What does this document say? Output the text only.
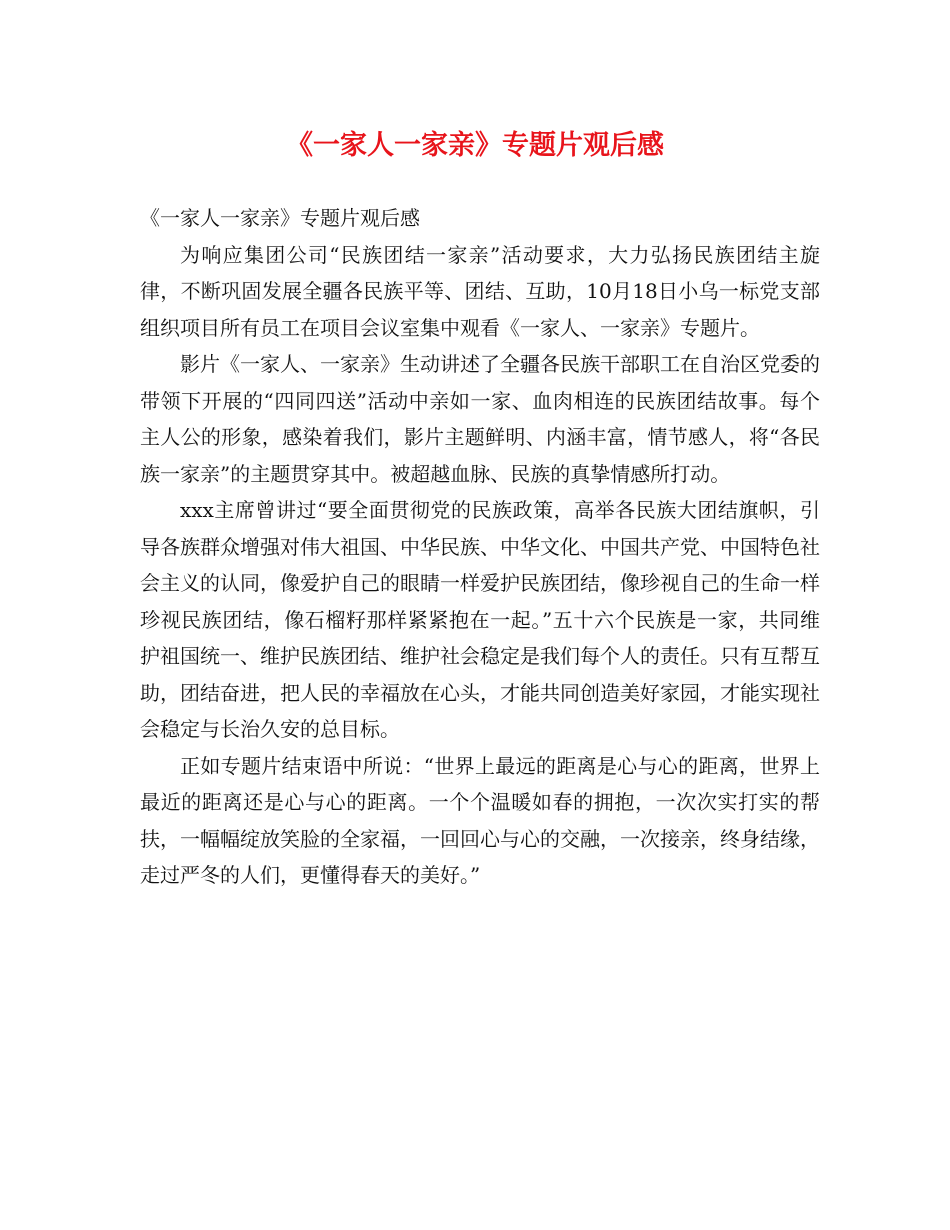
《一家人一家亲》专题片观后感

《一家人一家亲》专题片观后感

为响应集团公司“民族团结一家亲”活动要求，大力弘扬民族团结主旋律，不断巩固发展全疆各民族平等、团结、互助，10月18日小乌一标党支部组织项目所有员工在项目会议室集中观看《一家人、一家亲》专题片。

影片《一家人、一家亲》生动讲述了全疆各民族干部职工在自治区党委的带领下开展的“四同四送”活动中亲如一家、血肉相连的民族团结故事。每个主人公的形象，感染着我们，影片主题鲜明、内涵丰富，情节感人，将“各民族一家亲”的主题贯穿其中。被超越血脉、民族的真挚情感所打动。

xxx主席曾讲过“要全面贯彻党的民族政策，高举各民族大团结旗帜，引导各族群众增强对伟大祖国、中华民族、中华文化、中国共产党、中国特色社会主义的认同，像爱护自己的眼睛一样爱护民族团结，像珍视自己的生命一样珍视民族团结，像石榴籽那样紧紧抱在一起。”五十六个民族是一家，共同维护祖国统一、维护民族团结、维护社会稳定是我们每个人的责任。只有互帮互助，团结奋进，把人民的幸福放在心头，才能共同创造美好家园，才能实现社会稳定与长治久安的总目标。

正如专题片结束语中所说：“世界上最远的距离是心与心的距离，世界上最近的距离还是心与心的距离。一个个温暖如春的拥抱，一次次实打实的帮扶，一幅幅绽放笑脸的全家福，一回回心与心的交融，一次接亲，终身结缘，走过严冬的人们，更懂得春天的美好。”
